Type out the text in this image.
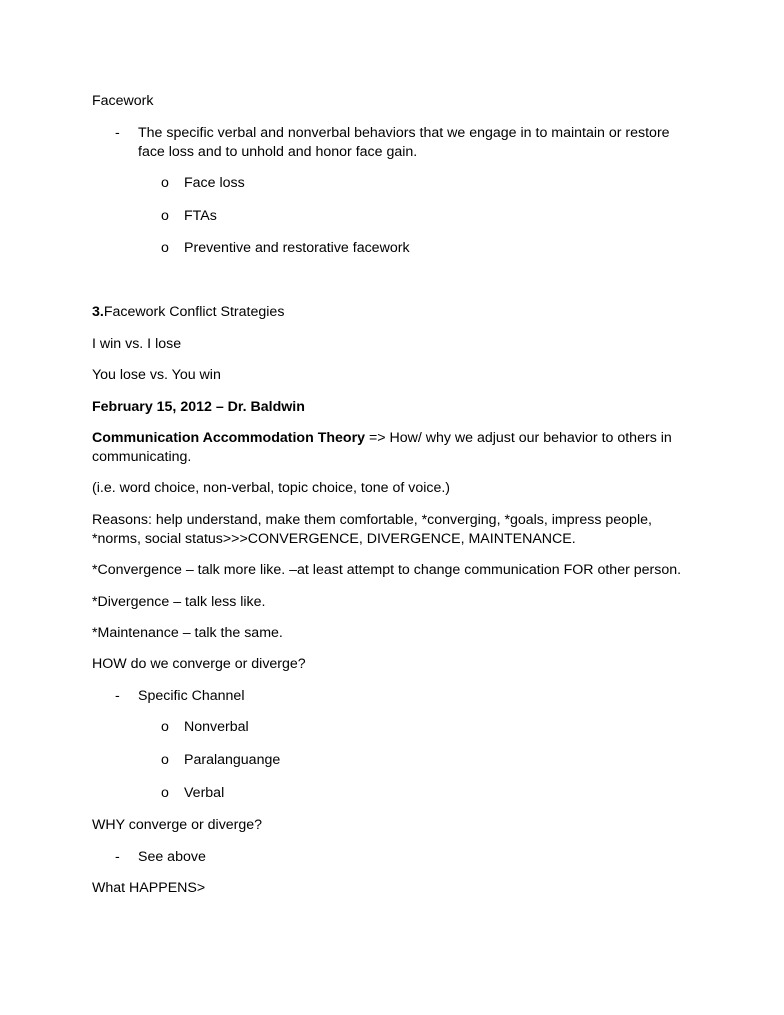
Facework
- The specific verbal and nonverbal behaviors that we engage in to maintain or restore
face loss and to unhold and honor face gain.
o Face loss
o FTAs
o Preventive and restorative facework
3.Facework Conflict Strategies
I win vs. I lose
You lose vs. You win
February 15, 2012 – Dr. Baldwin
Communication Accommodation Theory => How/ why we adjust our behavior to others in
communicating.
(i.e. word choice, non-verbal, topic choice, tone of voice.)
Reasons: help understand, make them comfortable, *converging, *goals, impress people,
*norms, social status>>>CONVERGENCE, DIVERGENCE, MAINTENANCE.
*Convergence – talk more like. –at least attempt to change communication FOR other person.
*Divergence – talk less like.
*Maintenance – talk the same.
HOW do we converge or diverge?
- Specific Channel
o Nonverbal
o Paralanguange
o Verbal
WHY converge or diverge?
- See above
What HAPPENS>
